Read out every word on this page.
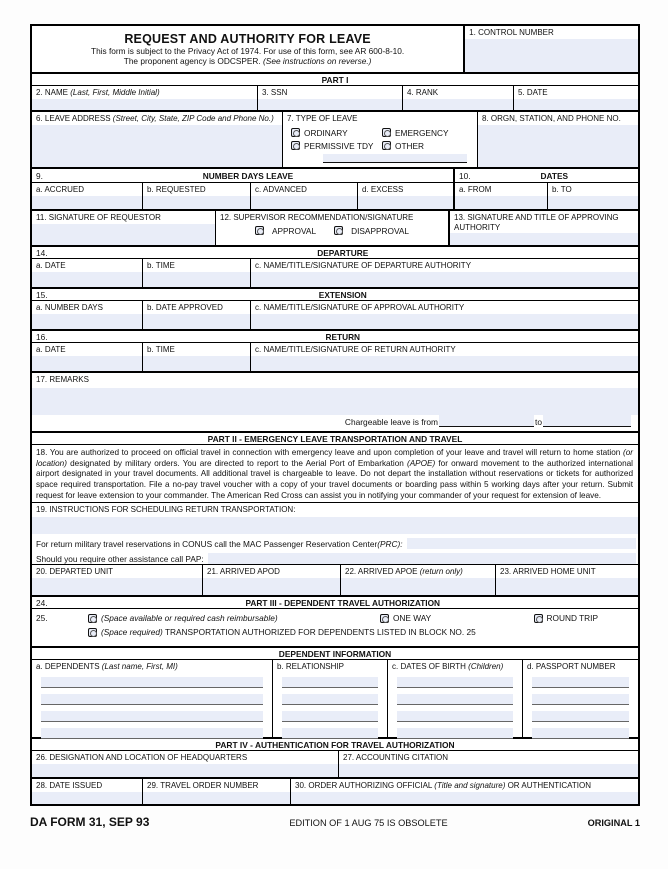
REQUEST AND AUTHORITY FOR LEAVE
This form is subject to the Privacy Act of 1974. For use of this form, see AR 600-8-10.
The proponent agency is ODCSPER. (See instructions on reverse.)
1. CONTROL NUMBER
PART I
2. NAME (Last, First, Middle Initial)	3. SSN	4. RANK	5. DATE
6. LEAVE ADDRESS (Street, City, State, ZIP Code and Phone No.)	7. TYPE OF LEAVE
ORDINARY	EMERGENCY
PERMISSIVE TDY	OTHER
8. ORGN, STATION, AND PHONE NO.
9.	NUMBER DAYS LEAVE	10.	DATES
a. ACCRUED	b. REQUESTED	c. ADVANCED	d. EXCESS	a. FROM	b. TO
11. SIGNATURE OF REQUESTOR	12. SUPERVISOR RECOMMENDATION/SIGNATURE
APPROVAL	DISAPPROVAL
13. SIGNATURE AND TITLE OF APPROVING AUTHORITY
14.	DEPARTURE
a. DATE	b. TIME	c. NAME/TITLE/SIGNATURE OF DEPARTURE AUTHORITY
15.	EXTENSION
a. NUMBER DAYS	b. DATE APPROVED	c. NAME/TITLE/SIGNATURE OF APPROVAL AUTHORITY
16.	RETURN
a. DATE	b. TIME	c. NAME/TITLE/SIGNATURE OF RETURN AUTHORITY
17. REMARKS
Chargeable leave is from	to
PART II - EMERGENCY LEAVE TRANSPORTATION AND TRAVEL
18. You are authorized to proceed on official travel in connection with emergency leave and upon completion of your leave and travel will return to home station (or location) designated by military orders. You are directed to report to the Aerial Port of Embarkation (APOE) for onward movement to the authorized international airport designated in your travel documents. All additional travel is chargeable to leave. Do not depart the installation without reservations or tickets for authorized space required transportation. File a no-pay travel voucher with a copy of your travel documents or boarding pass within 5 working days after your return. Submit request for leave extension to your commander. The American Red Cross can assist you in notifying your commander of your request for extension of leave.
19. INSTRUCTIONS FOR SCHEDULING RETURN TRANSPORTATION:
For return military travel reservations in CONUS call the MAC Passenger Reservation Center (PRC):
Should you require other assistance call PAP:
20. DEPARTED UNIT	21. ARRIVED APOD	22. ARRIVED APOE (return only)	23. ARRIVED HOME UNIT
24.	PART III - DEPENDENT TRAVEL AUTHORIZATION
25.	(Space available or required cash reimbursable)	ONE WAY	ROUND TRIP
(Space required) TRANSPORTATION AUTHORIZED FOR DEPENDENTS LISTED IN BLOCK NO. 25
DEPENDENT INFORMATION
a. DEPENDENTS (Last name, First, MI)	b. RELATIONSHIP	c. DATES OF BIRTH (Children)	d. PASSPORT NUMBER
PART IV - AUTHENTICATION FOR TRAVEL AUTHORIZATION
26. DESIGNATION AND LOCATION OF HEADQUARTERS	27. ACCOUNTING CITATION
28. DATE ISSUED	29. TRAVEL ORDER NUMBER	30. ORDER AUTHORIZING OFFICIAL (Title and signature) OR AUTHENTICATION
DA FORM 31, SEP 93	EDITION OF 1 AUG 75 IS OBSOLETE	ORIGINAL 1
